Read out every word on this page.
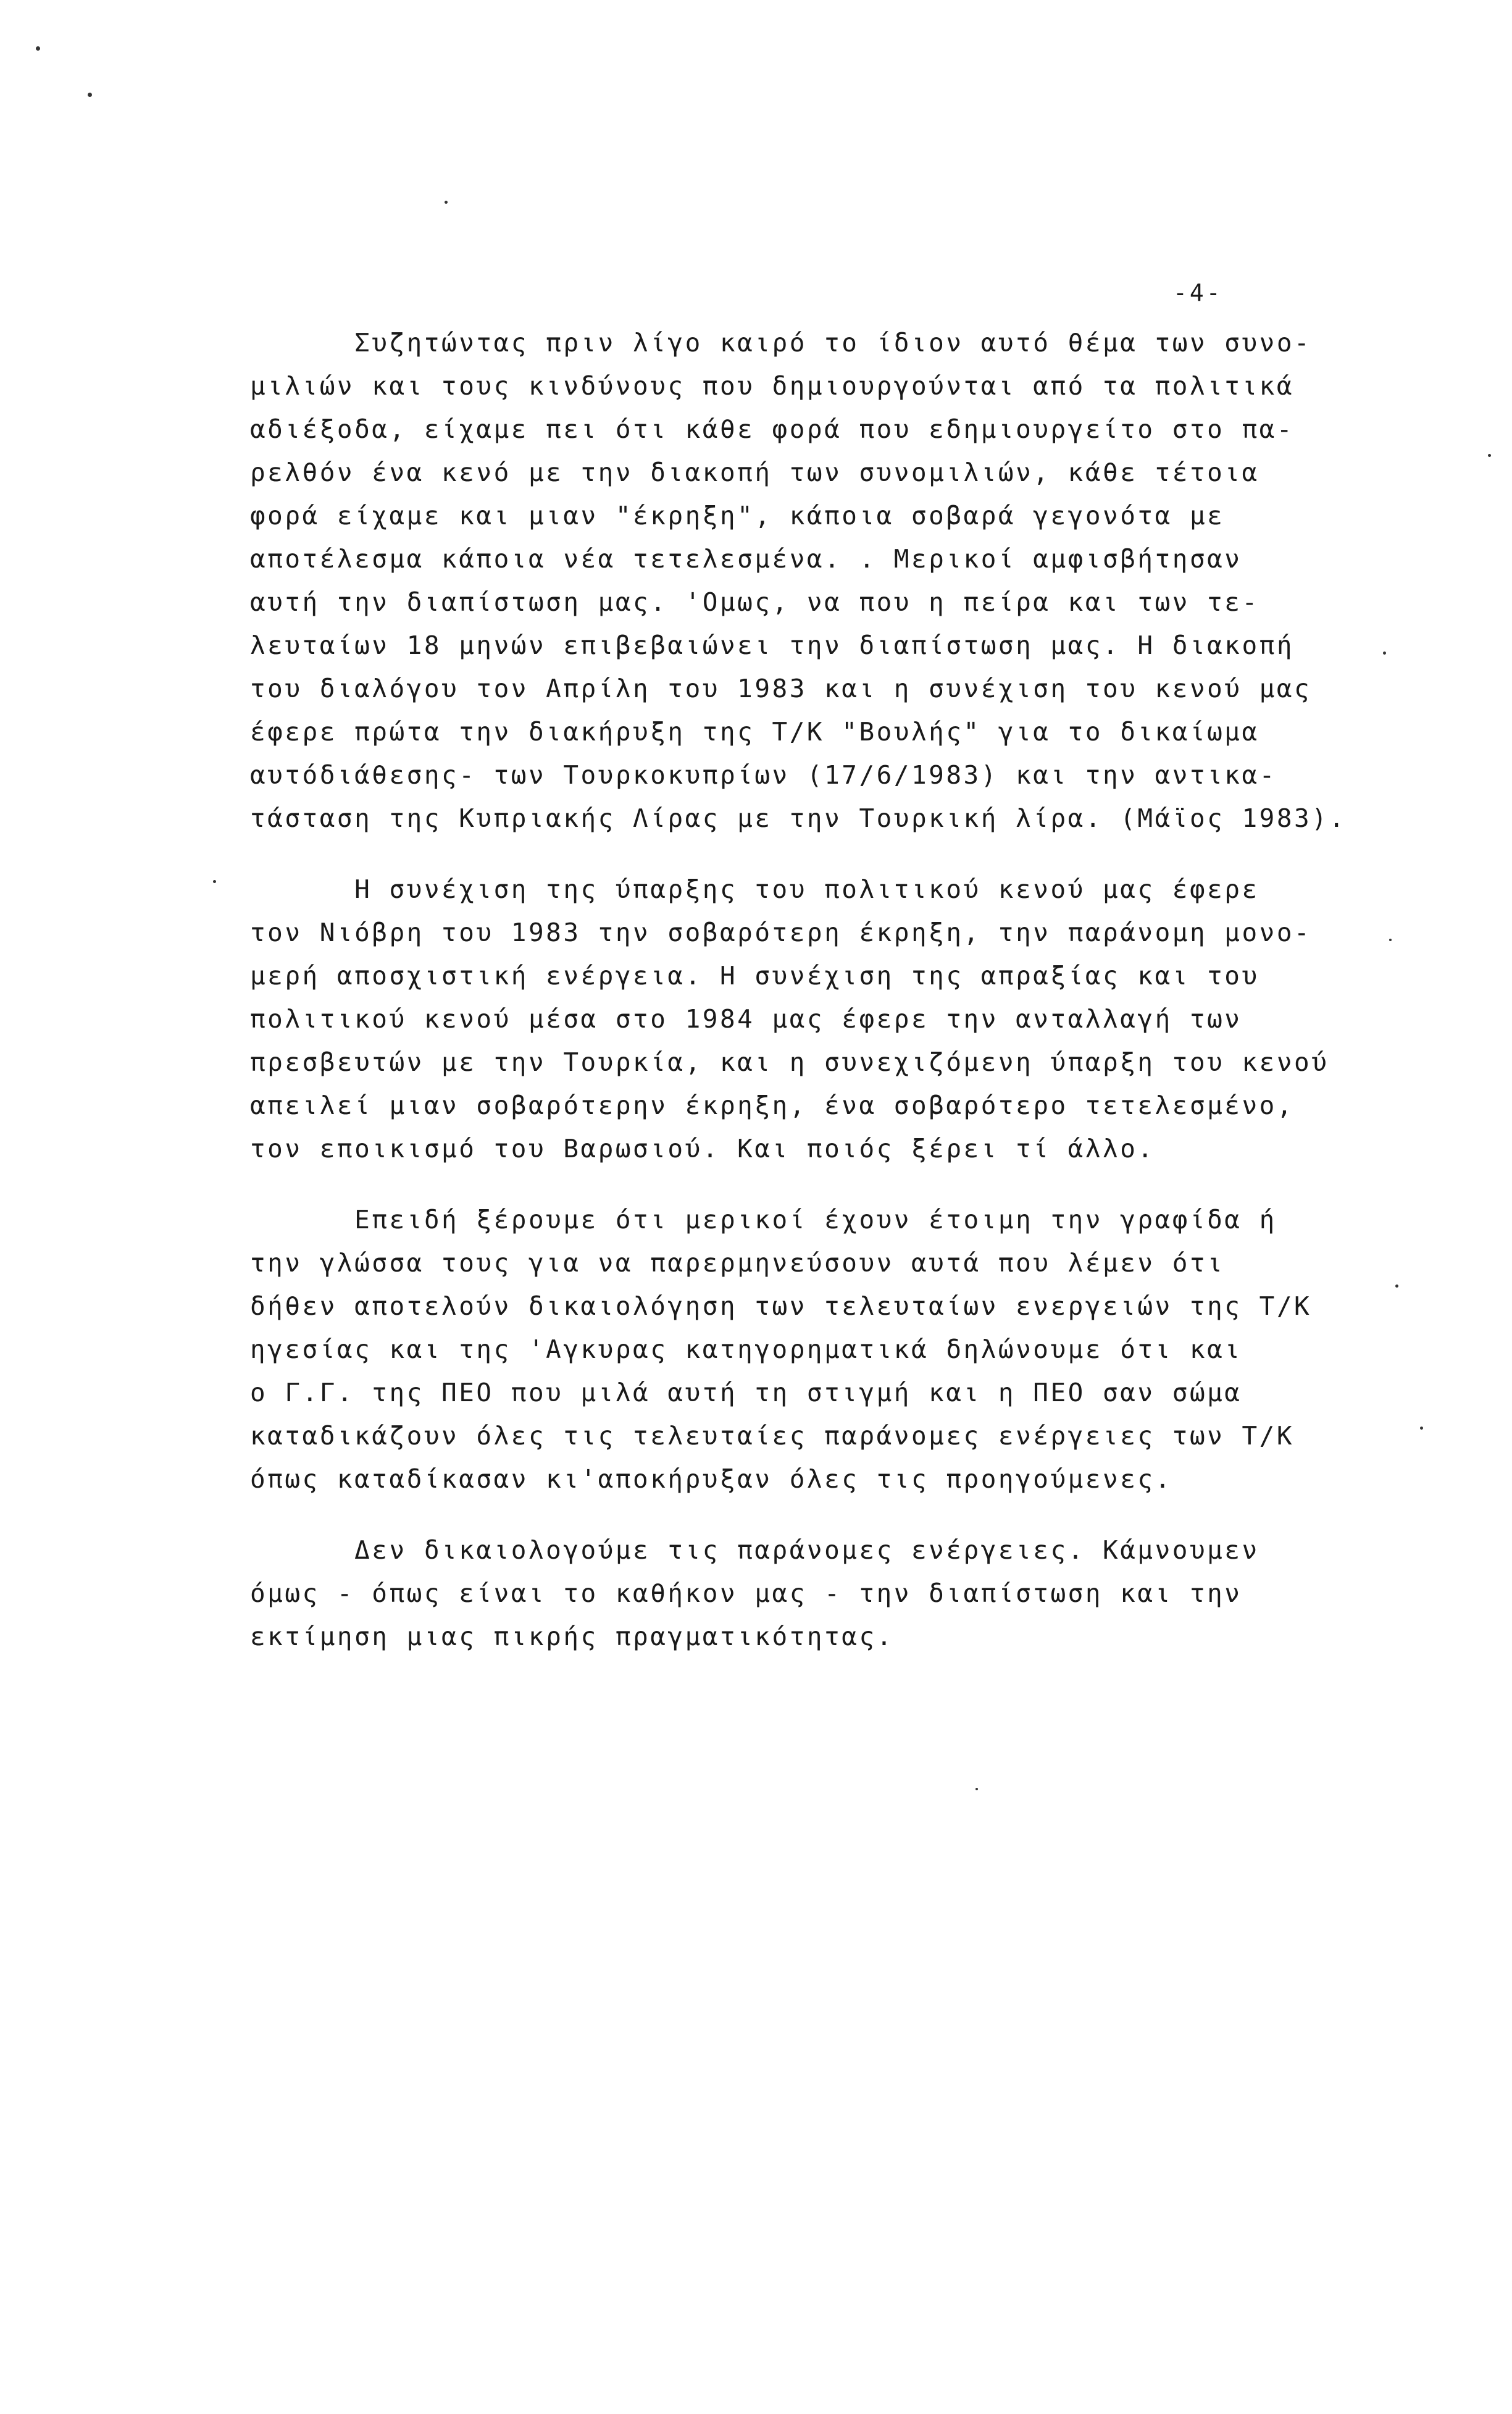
-4-
Συζητώντας πριν λίγο καιρό το ίδιον αυτό θέμα των συνο-
μιλιών και τους κινδύνους που δημιουργούνται από τα πολιτικά
αδιέξοδα, είχαμε πει ότι κάθε φορά που εδημιουργείτο στο πα-
ρελθόν ένα κενό με την διακοπή των συνομιλιών, κάθε τέτοια
φορά είχαμε και μιαν "έκρηξη", κάποια σοβαρά γεγονότα με
αποτέλεσμα κάποια νέα τετελεσμένα. . Μερικοί αμφισβήτησαν
αυτή την διαπίστωση μας. 'Ομως, να που η πείρα και των τε-
λευταίων 18 μηνών επιβεβαιώνει την διαπίστωση μας. Η διακοπή
του διαλόγου τον Απρίλη του 1983 και η συνέχιση του κενού μας
έφερε πρώτα την διακήρυξη της Τ/Κ "Βουλής" για το δικαίωμα
αυτόδιάθεσης- των Τουρκοκυπρίων (17/6/1983) και την αντικα-
τάσταση της Κυπριακής Λίρας με την Τουρκική λίρα. (Μάϊος 1983).
Η συνέχιση της ύπαρξης του πολιτικού κενού μας έφερε
τον Νιόβρη του 1983 την σοβαρότερη έκρηξη, την παράνομη μονο-
μερή αποσχιστική ενέργεια. Η συνέχιση της απραξίας και του
πολιτικού κενού μέσα στο 1984 μας έφερε την ανταλλαγή των
πρεσβευτών με την Τουρκία, και η συνεχιζόμενη ύπαρξη του κενού
απειλεί μιαν σοβαρότερην έκρηξη, ένα σοβαρότερο τετελεσμένο,
τον εποικισμό του Βαρωσιού. Και ποιός ξέρει τί άλλο.
Επειδή ξέρουμε ότι μερικοί έχουν έτοιμη την γραφίδα ή
την γλώσσα τους για να παρερμηνεύσουν αυτά που λέμεν ότι
δήθεν αποτελούν δικαιολόγηση των τελευταίων ενεργειών της Τ/Κ
ηγεσίας και της 'Αγκυρας κατηγορηματικά δηλώνουμε ότι και
ο Γ.Γ. της ΠΕΟ που μιλά αυτή τη στιγμή και η ΠΕΟ σαν σώμα
καταδικάζουν όλες τις τελευταίες παράνομες ενέργειες των Τ/Κ
όπως καταδίκασαν κι'αποκήρυξαν όλες τις προηγούμενες.
Δεν δικαιολογούμε τις παράνομες ενέργειες. Κάμνουμεν
όμως - όπως είναι το καθήκον μας - την διαπίστωση και την
εκτίμηση μιας πικρής πραγματικότητας.
